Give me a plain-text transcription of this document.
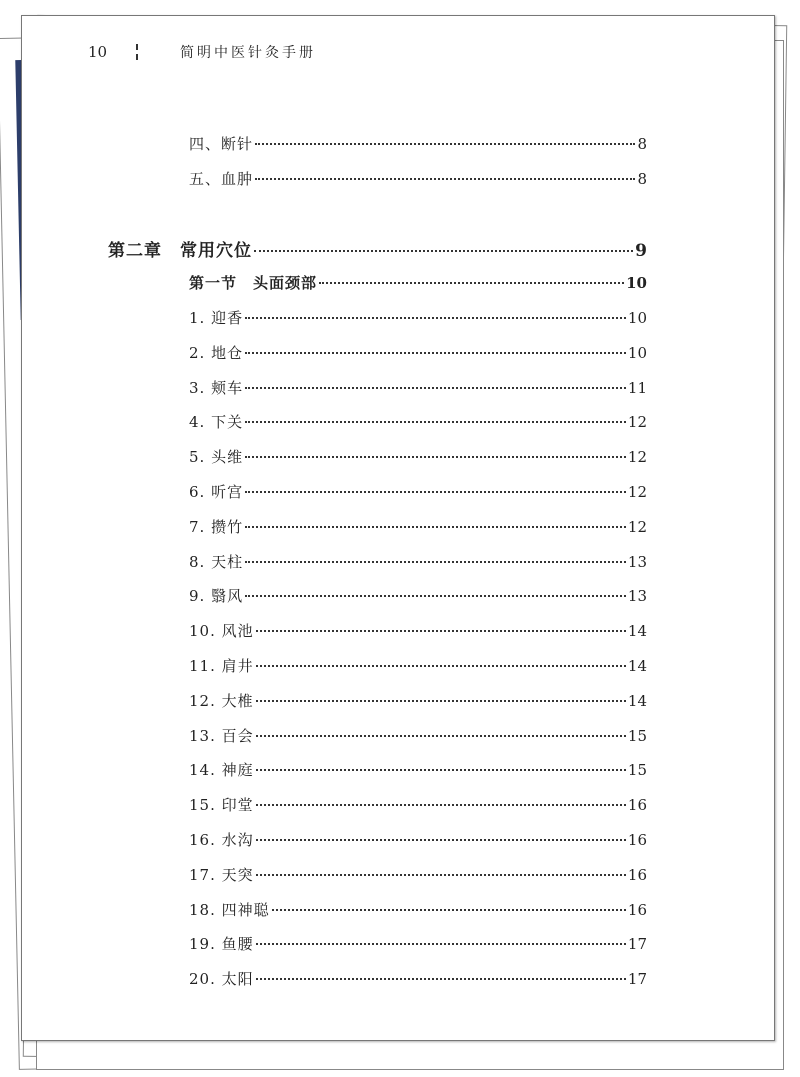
10	简明中医针灸手册
四、断针	8
五、血肿	8
第二章　常用穴位	9
第一节　头面颈部	10
1. 迎香	10
2. 地仓	10
3. 颊车	11
4. 下关	12
5. 头维	12
6. 听宫	12
7. 攒竹	12
8. 天柱	13
9. 翳风	13
10. 风池	14
11. 肩井	14
12. 大椎	14
13. 百会	15
14. 神庭	15
15. 印堂	16
16. 水沟	16
17. 天突	16
18. 四神聪	16
19. 鱼腰	17
20. 太阳	17
